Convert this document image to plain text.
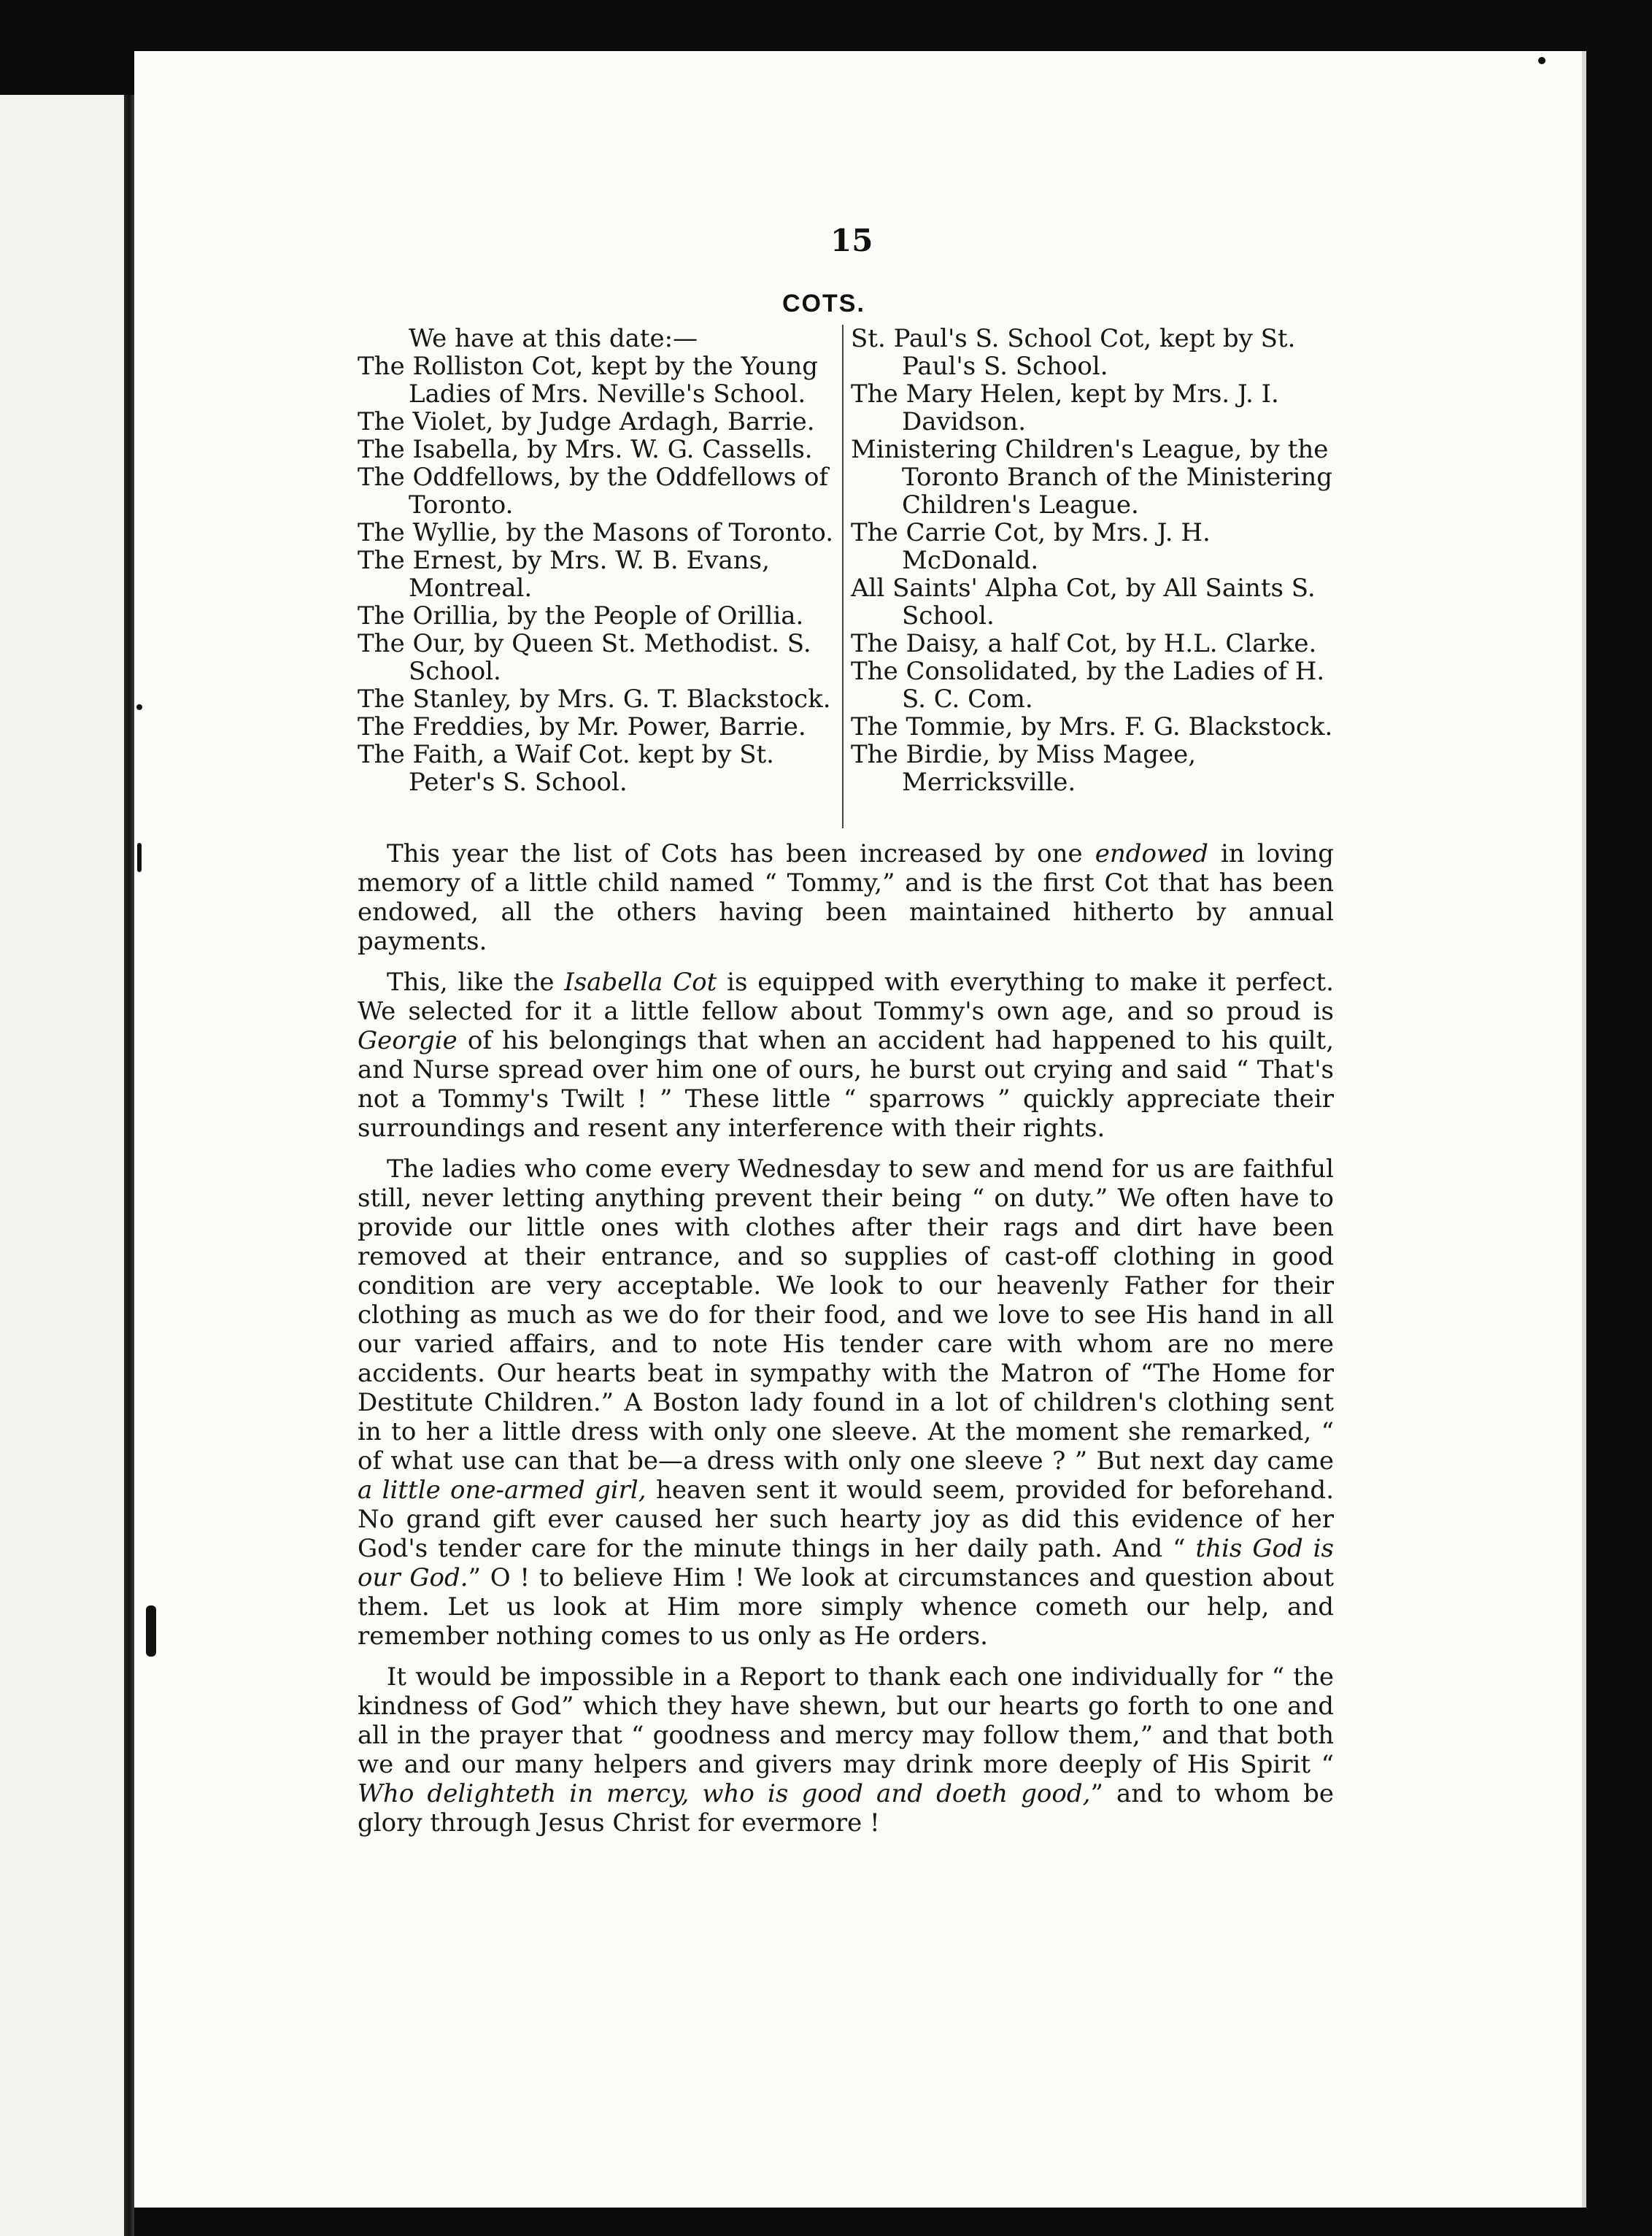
15
COTS.

We have at this date:—

The Rolliston Cot, kept by the Young Ladies of Mrs. Neville's School.

The Violet, by Judge Ardagh, Barrie.

The Isabella, by Mrs. W. G. Cassells.

The Oddfellows, by the Oddfellows of Toronto.

The Wyllie, by the Masons of Toronto.

The Ernest, by Mrs. W. B. Evans, Montreal.

The Orillia, by the People of Orillia.

The Our, by Queen St. Methodist. S. School.

The Stanley, by Mrs. G. T. Blackstock.

The Freddies, by Mr. Power, Barrie.

The Faith, a Waif Cot. kept by St. Peter's S. School.

St. Paul's S. School Cot, kept by St. Paul's S. School.

The Mary Helen, kept by Mrs. J. I. Davidson.

Ministering Children's League, by the Toronto Branch of the Ministering Children's League.

The Carrie Cot, by Mrs. J. H. McDonald.

All Saints' Alpha Cot, by All Saints S. School.

The Daisy, a half Cot, by H.L. Clarke.

The Consolidated, by the Ladies of H. S. C. Com.

The Tommie, by Mrs. F. G. Blackstock.

The Birdie, by Miss Magee, Merricksville.

This year the list of Cots has been increased by one endowed in loving memory of a little child named “ Tommy,” and is the first Cot that has been endowed, all the others having been maintained hitherto by annual payments.

This, like the Isabella Cot is equipped with everything to make it perfect. We selected for it a little fellow about Tommy's own age, and so proud is Georgie of his belongings that when an accident had happened to his quilt, and Nurse spread over him one of ours, he burst out crying and said “ That's not a Tommy's Twilt ! ” These little “ sparrows ” quickly appreciate their surroundings and resent any interference with their rights.

The ladies who come every Wednesday to sew and mend for us are faithful still, never letting anything prevent their being “ on duty.” We often have to provide our little ones with clothes after their rags and dirt have been removed at their entrance, and so supplies of cast-off clothing in good condition are very acceptable. We look to our heavenly Father for their clothing as much as we do for their food, and we love to see His hand in all our varied affairs, and to note His tender care with whom are no mere accidents. Our hearts beat in sympathy with the Matron of “The Home for Destitute Children.” A Boston lady found in a lot of children's clothing sent in to her a little dress with only one sleeve. At the moment she remarked, “ of what use can that be—a dress with only one sleeve ? ” But next day came a little one-armed girl, heaven sent it would seem, provided for beforehand. No grand gift ever caused her such hearty joy as did this evidence of her God's tender care for the minute things in her daily path. And “ this God is our God.” O ! to believe Him ! We look at circumstances and question about them. Let us look at Him more simply whence cometh our help, and remember nothing comes to us only as He orders.

It would be impossible in a Report to thank each one individually for “ the kindness of God” which they have shewn, but our hearts go forth to one and all in the prayer that “ goodness and mercy may follow them,” and that both we and our many helpers and givers may drink more deeply of His Spirit “ Who delighteth in mercy, who is good and doeth good,” and to whom be glory through Jesus Christ for evermore !
